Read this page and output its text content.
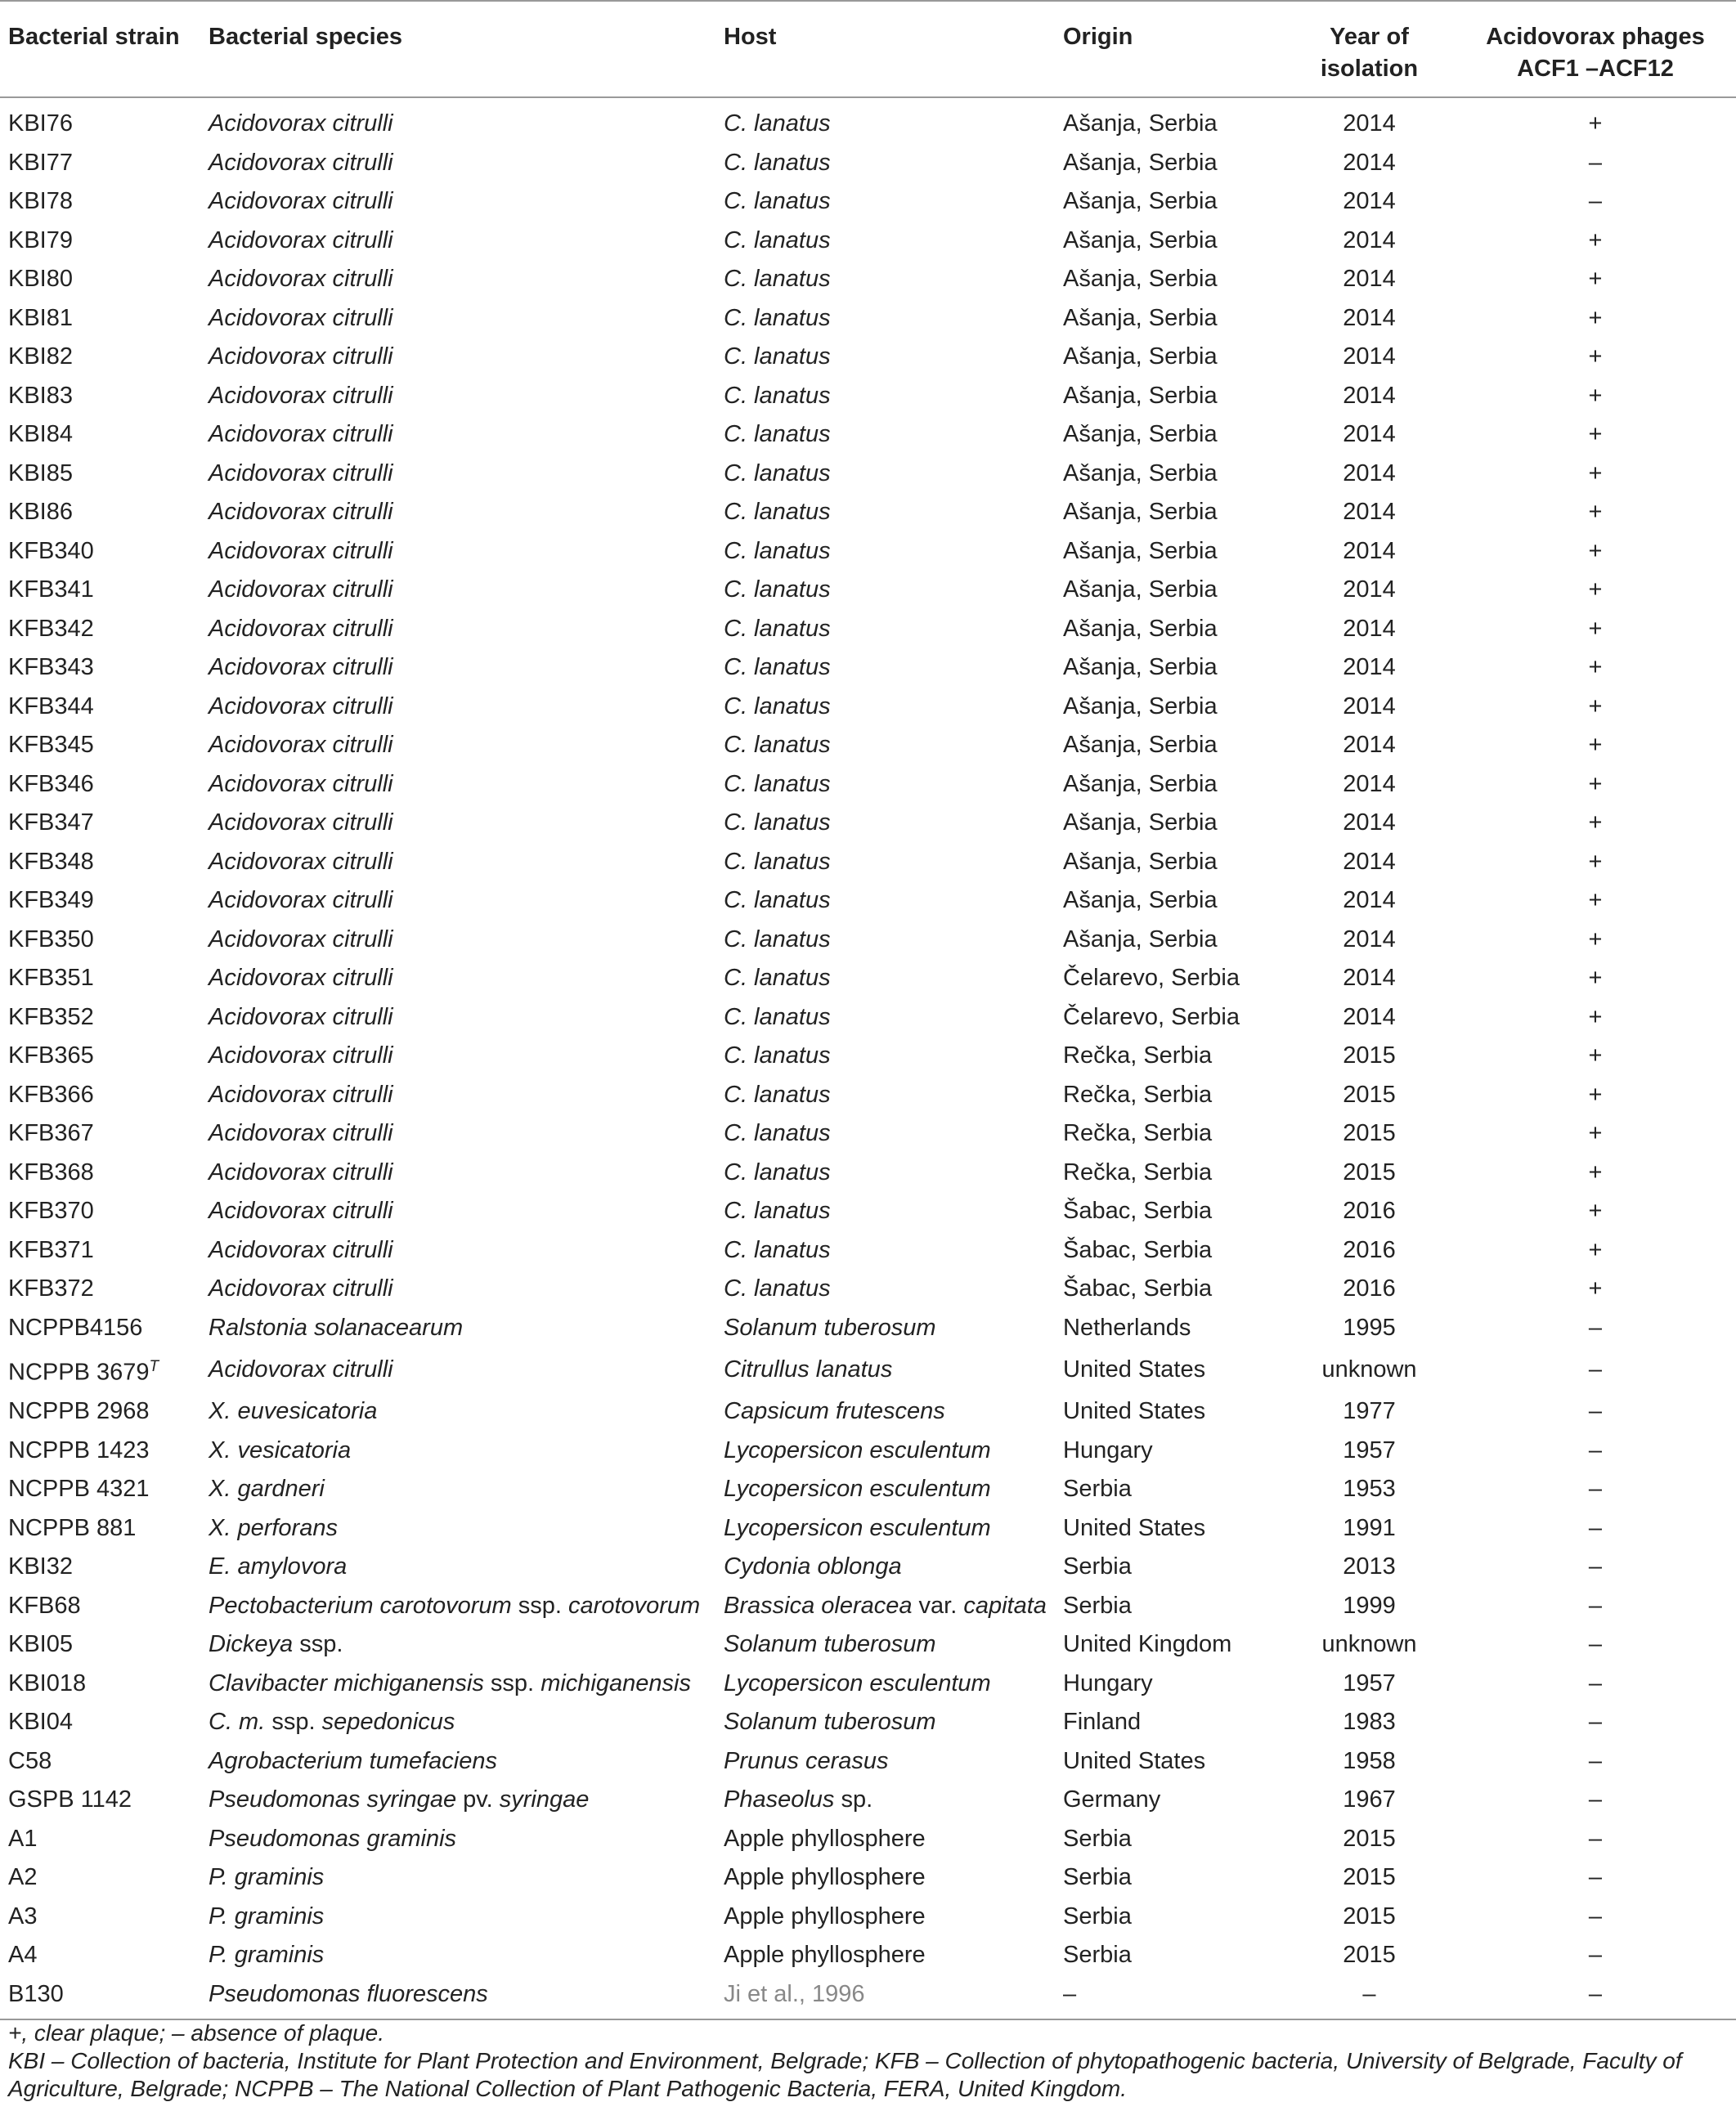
Bacterial strain	Bacterial species	Host	Origin	Year of isolation	Acidovorax phages ACF1 –ACF12
KBI76	Acidovorax citrulli	C. lanatus	Ašanja, Serbia	2014	+
KBI77	Acidovorax citrulli	C. lanatus	Ašanja, Serbia	2014	–
KBI78	Acidovorax citrulli	C. lanatus	Ašanja, Serbia	2014	–
KBI79	Acidovorax citrulli	C. lanatus	Ašanja, Serbia	2014	+
KBI80	Acidovorax citrulli	C. lanatus	Ašanja, Serbia	2014	+
KBI81	Acidovorax citrulli	C. lanatus	Ašanja, Serbia	2014	+
KBI82	Acidovorax citrulli	C. lanatus	Ašanja, Serbia	2014	+
KBI83	Acidovorax citrulli	C. lanatus	Ašanja, Serbia	2014	+
KBI84	Acidovorax citrulli	C. lanatus	Ašanja, Serbia	2014	+
KBI85	Acidovorax citrulli	C. lanatus	Ašanja, Serbia	2014	+
KBI86	Acidovorax citrulli	C. lanatus	Ašanja, Serbia	2014	+
KFB340	Acidovorax citrulli	C. lanatus	Ašanja, Serbia	2014	+
KFB341	Acidovorax citrulli	C. lanatus	Ašanja, Serbia	2014	+
KFB342	Acidovorax citrulli	C. lanatus	Ašanja, Serbia	2014	+
KFB343	Acidovorax citrulli	C. lanatus	Ašanja, Serbia	2014	+
KFB344	Acidovorax citrulli	C. lanatus	Ašanja, Serbia	2014	+
KFB345	Acidovorax citrulli	C. lanatus	Ašanja, Serbia	2014	+
KFB346	Acidovorax citrulli	C. lanatus	Ašanja, Serbia	2014	+
KFB347	Acidovorax citrulli	C. lanatus	Ašanja, Serbia	2014	+
KFB348	Acidovorax citrulli	C. lanatus	Ašanja, Serbia	2014	+
KFB349	Acidovorax citrulli	C. lanatus	Ašanja, Serbia	2014	+
KFB350	Acidovorax citrulli	C. lanatus	Ašanja, Serbia	2014	+
KFB351	Acidovorax citrulli	C. lanatus	Čelarevo, Serbia	2014	+
KFB352	Acidovorax citrulli	C. lanatus	Čelarevo, Serbia	2014	+
KFB365	Acidovorax citrulli	C. lanatus	Rečka, Serbia	2015	+
KFB366	Acidovorax citrulli	C. lanatus	Rečka, Serbia	2015	+
KFB367	Acidovorax citrulli	C. lanatus	Rečka, Serbia	2015	+
KFB368	Acidovorax citrulli	C. lanatus	Rečka, Serbia	2015	+
KFB370	Acidovorax citrulli	C. lanatus	Šabac, Serbia	2016	+
KFB371	Acidovorax citrulli	C. lanatus	Šabac, Serbia	2016	+
KFB372	Acidovorax citrulli	C. lanatus	Šabac, Serbia	2016	+
NCPPB4156	Ralstonia solanacearum	Solanum tuberosum	Netherlands	1995	–
NCPPB $3679^T$	Acidovorax citrulli	Citrullus lanatus	United States	unknown	–
NCPPB 2968	X. euvesicatoria	Capsicum frutescens	United States	1977	–
NCPPB 1423	X. vesicatoria	Lycopersicon esculentum	Hungary	1957	–
NCPPB 4321	X. gardneri	Lycopersicon esculentum	Serbia	1953	–
NCPPB 881	X. perforans	Lycopersicon esculentum	United States	1991	–
KBI32	E. amylovora	Cydonia oblonga	Serbia	2013	–
KFB68	Pectobacterium carotovorum ssp. carotovorum	Brassica oleracea var. capitata	Serbia	1999	–
KBI05	Dickeya ssp.	Solanum tuberosum	United Kingdom	unknown	–
KBI018	Clavibacter michiganensis ssp. michiganensis	Lycopersicon esculentum	Hungary	1957	–
KBI04	C. m. ssp. sepedonicus	Solanum tuberosum	Finland	1983	–
C58	Agrobacterium tumefaciens	Prunus cerasus	United States	1958	–
GSPB 1142	Pseudomonas syringae pv. syringae	Phaseolus sp.	Germany	1967	–
A1	Pseudomonas graminis	Apple phyllosphere	Serbia	2015	–
A2	P. graminis	Apple phyllosphere	Serbia	2015	–
A3	P. graminis	Apple phyllosphere	Serbia	2015	–
A4	P. graminis	Apple phyllosphere	Serbia	2015	–
B130	Pseudomonas fluorescens	Ji et al., 1996	–	–	–

+, clear plaque; – absence of plaque.

KBI – Collection of bacteria, Institute for Plant Protection and Environment, Belgrade; KFB – Collection of phytopathogenic bacteria, University of Belgrade, Faculty of Agriculture, Belgrade; NCPPB – The National Collection of Plant Pathogenic Bacteria, FERA, United Kingdom.
